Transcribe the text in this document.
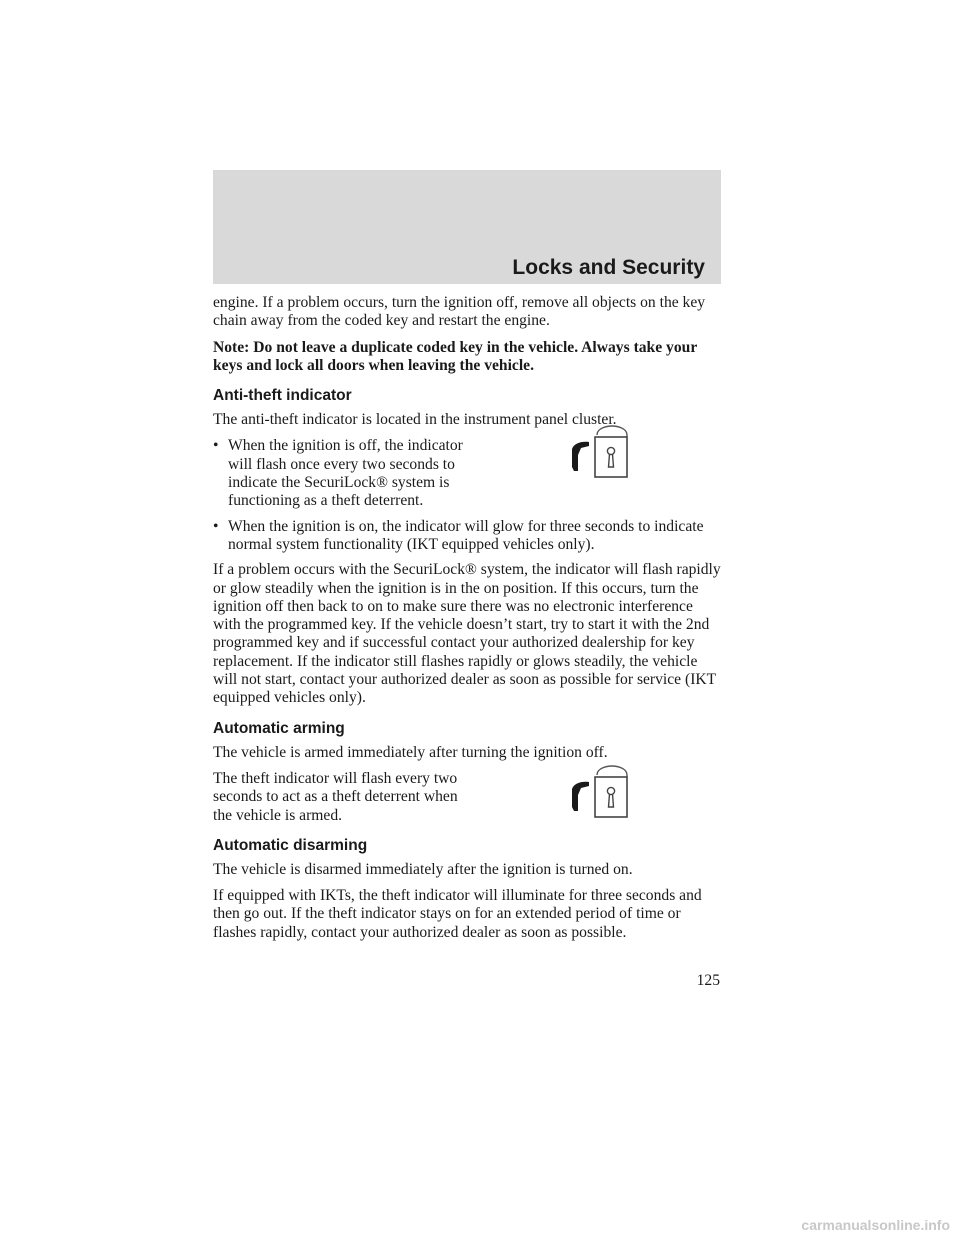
Locks and Security

engine. If a problem occurs, turn the ignition off, remove all objects on the key chain away from the coded key and restart the engine.

Note: Do not leave a duplicate coded key in the vehicle. Always take your keys and lock all doors when leaving the vehicle.

Anti-theft indicator

The anti-theft indicator is located in the instrument panel cluster.

• When the ignition is off, the indicator will flash once every two seconds to indicate the SecuriLock® system is functioning as a theft deterrent.
• When the ignition is on, the indicator will glow for three seconds to indicate normal system functionality (IKT equipped vehicles only).

If a problem occurs with the SecuriLock® system, the indicator will flash rapidly or glow steadily when the ignition is in the on position. If this occurs, turn the ignition off then back to on to make sure there was no electronic interference with the programmed key. If the vehicle doesn’t start, try to start it with the 2nd programmed key and if successful contact your authorized dealership for key replacement. If the indicator still flashes rapidly or glows steadily, the vehicle will not start, contact your authorized dealer as soon as possible for service (IKT equipped vehicles only).

Automatic arming

The vehicle is armed immediately after turning the ignition off.

The theft indicator will flash every two seconds to act as a theft deterrent when the vehicle is armed.

Automatic disarming

The vehicle is disarmed immediately after the ignition is turned on.

If equipped with IKTs, the theft indicator will illuminate for three seconds and then go out. If the theft indicator stays on for an extended period of time or flashes rapidly, contact your authorized dealer as soon as possible.

125
carmanualsonline.info
